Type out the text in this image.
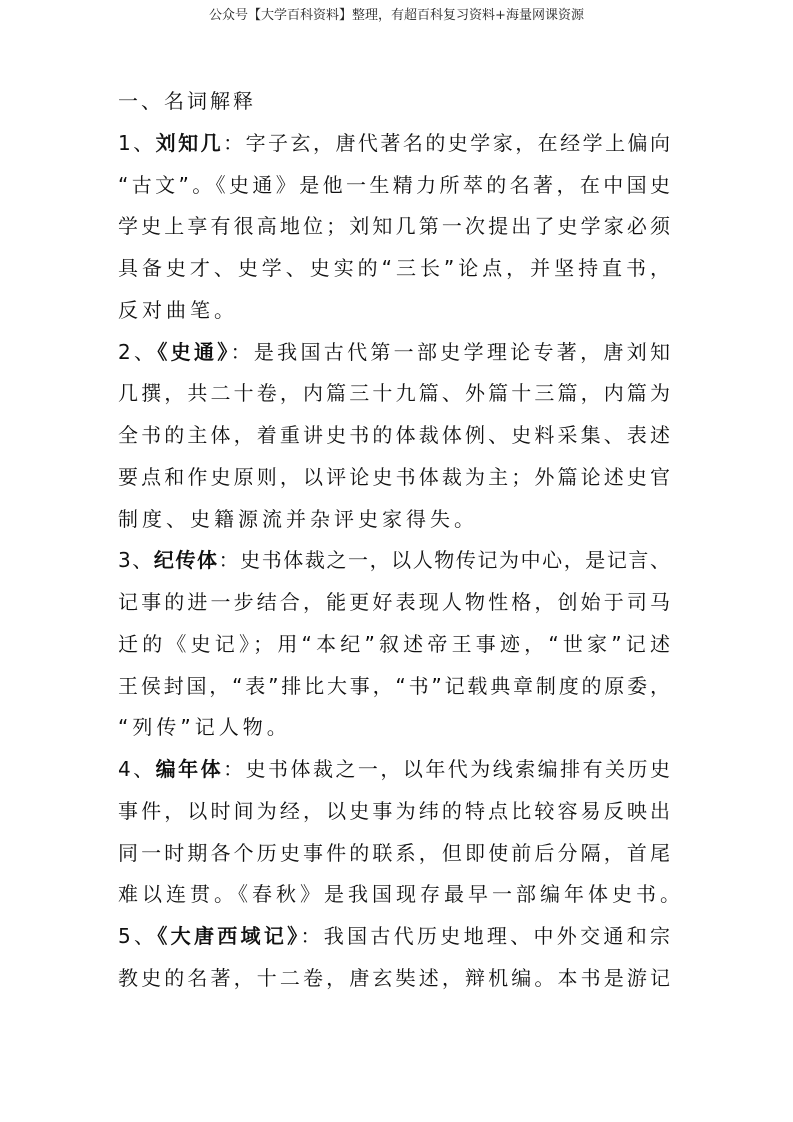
公众号【大学百科资料】整理，有超百科复习资料+海量网课资源
一、名词解释
1、刘知几：字子玄，唐代著名的史学家，在经学上偏向
“古文”。《史通》是他一生精力所萃的名著，在中国史
学史上享有很高地位；刘知几第一次提出了史学家必须
具备史才、史学、史实的“三长”论点，并坚持直书，
反对曲笔。
2、《史通》：是我国古代第一部史学理论专著，唐刘知
几撰，共二十卷，内篇三十九篇、外篇十三篇，内篇为
全书的主体，着重讲史书的体裁体例、史料采集、表述
要点和作史原则，以评论史书体裁为主；外篇论述史官
制度、史籍源流并杂评史家得失。
3、纪传体：史书体裁之一，以人物传记为中心，是记言、
记事的进一步结合，能更好表现人物性格，创始于司马
迁的《史记》；用“本纪”叙述帝王事迹，“世家”记述
王侯封国，“表”排比大事，“书”记载典章制度的原委，
“列传”记人物。
4、编年体：史书体裁之一，以年代为线索编排有关历史
事件，以时间为经，以史事为纬的特点比较容易反映出
同一时期各个历史事件的联系，但即使前后分隔，首尾
难以连贯。《春秋》是我国现存最早一部编年体史书。
5、《大唐西域记》：我国古代历史地理、中外交通和宗
教史的名著，十二卷，唐玄奘述，辩机编。本书是游记
